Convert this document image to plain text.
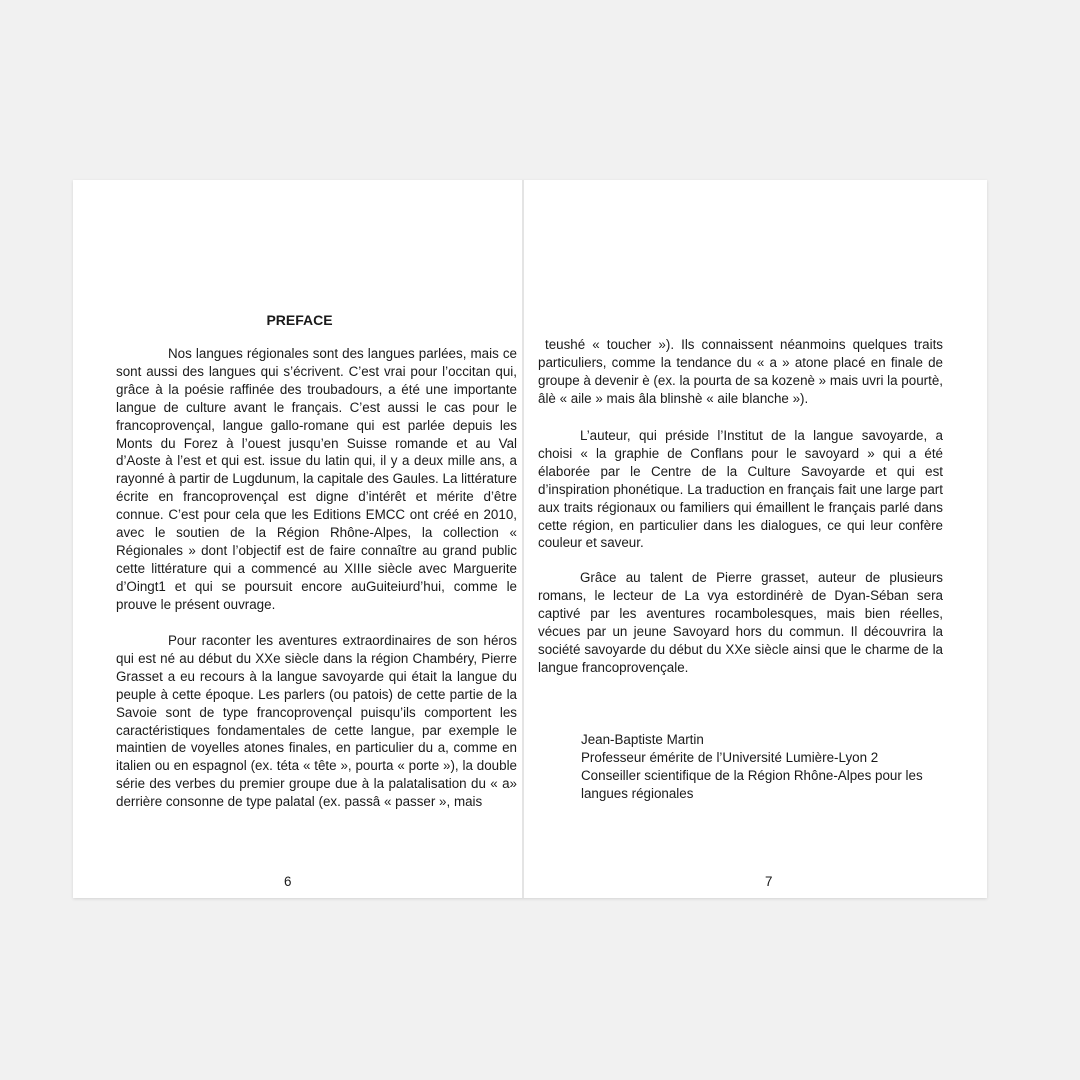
PREFACE

Nos langues régionales sont des langues parlées, mais ce sont aussi des langues qui s’écrivent. C’est vrai pour l’occitan qui, grâce à la poésie raffinée des troubadours, a été une importante langue de culture avant le français. C’est aussi le cas pour le francoprovençal, langue gallo-romane qui est parlée depuis les Monts du Forez à l’ouest jusqu’en Suisse romande et au Val d’Aoste à l’est et qui est. issue du latin qui, il y a deux mille ans, a rayonné à partir de Lugdunum, la capitale des Gaules. La littérature écrite en francoprovençal est digne d’intérêt et mérite d’être connue. C’est pour cela que les Editions EMCC ont créé en 2010, avec le soutien de la Région Rhône-Alpes, la collection « Régionales » dont l’objectif est de faire connaître au grand public cette littérature qui a commencé au XIIIe siècle avec Marguerite d’Oingt1 et qui se poursuit encore auGuiteiurd’hui, comme le prouve le présent ouvrage.

Pour raconter les aventures extraordinaires de son héros qui est né au début du XXe siècle dans la région Chambéry, Pierre Grasset a eu recours à la langue savoyarde qui était la langue du peuple à cette époque. Les parlers (ou patois) de cette partie de la Savoie sont de type francoprovençal puisqu’ils comportent les caractéristiques fondamentales de cette langue, par exemple le maintien de voyelles atones finales, en particulier du a, comme en italien ou en espagnol (ex. téta « tête », pourta « porte »), la double série des verbes du premier groupe due à la palatalisation du « a» derrière consonne de type palatal (ex. passâ « passer », mais

6

teushé « toucher »). Ils connaissent néanmoins quelques traits particuliers, comme la tendance du « a » atone placé en finale de groupe à devenir è (ex. la pourta de sa kozenè » mais uvri la pourtè, âlè « aile » mais âla blinshè « aile blanche »).

L’auteur, qui préside l’Institut de la langue savoyarde, a choisi « la graphie de Conflans pour le savoyard » qui a été élaborée par le Centre de la Culture Savoyarde et qui est d’inspiration phonétique. La traduction en français fait une large part aux traits régionaux ou familiers qui émaillent le français parlé dans cette région, en particulier dans les dialogues, ce qui leur confère couleur et saveur.

Grâce au talent de Pierre grasset, auteur de plusieurs romans, le lecteur de La vya estordinérè de Dyan-Séban sera captivé par les aventures rocambolesques, mais bien réelles, vécues par un jeune Savoyard hors du commun. Il découvrira la société savoyarde du début du XXe siècle ainsi que le charme de la langue francoprovençale.

Jean-Baptiste Martin
Professeur émérite de l’Université Lumière-Lyon 2
Conseiller scientifique de la Région Rhône-Alpes pour les
langues régionales

7
